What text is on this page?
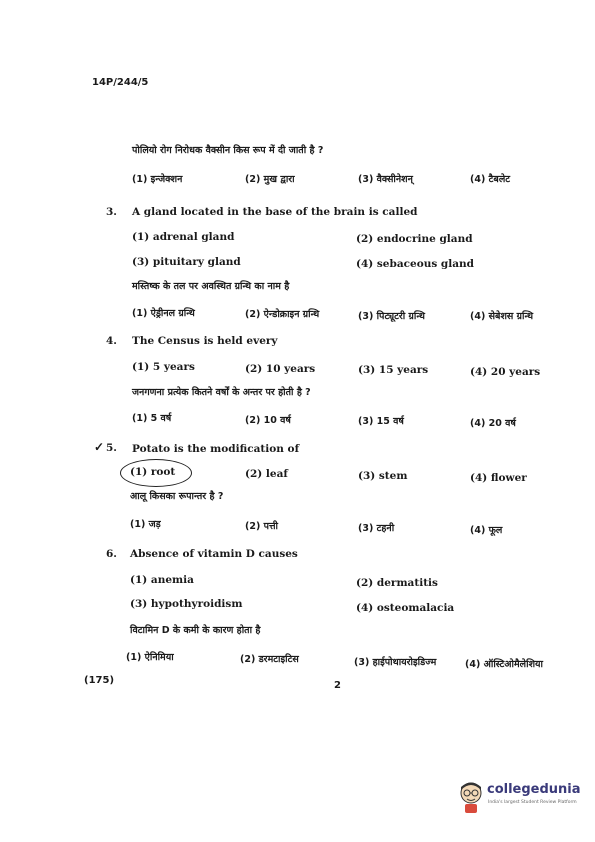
14P/244/5
पोलियो रोग निरोधक वैक्सीन किस रूप में दी जाती है ?
(1) इन्जेक्शन	(2) मुख द्वारा	(3) वैक्सीनेशन्	(4) टैबलेट
3. A gland located in the base of the brain is called
(1) adrenal gland	(2) endocrine gland
(3) pituitary gland	(4) sebaceous gland
मस्तिष्क के तल पर अवस्थित ग्रन्थि का नाम है
(1) ऐड्रीनल ग्रन्थि	(2) ऐन्डोक्राइन ग्रन्थि	(3) पिट्यूटरी ग्रन्थि	(4) सेबेशस ग्रन्थि
4. The Census is held every
(1) 5 years	(2) 10 years	(3) 15 years	(4) 20 years
जनगणना प्रत्येक कितने वर्षों के अन्तर पर होती है ?
(1) 5 वर्ष	(2) 10 वर्ष	(3) 15 वर्ष	(4) 20 वर्ष
✓ 5. Potato is the modification of
(1) root	(2) leaf	(3) stem	(4) flower
आलू किसका रूपान्तर है ?
(1) जड़	(2) पत्ती	(3) टहनी	(4) फूल
6. Absence of vitamin D causes
(1) anemia	(2) dermatitis
(3) hypothyroidism	(4) osteomalacia
विटामिन D के कमी के कारण होता है
(1) ऐनिमिया	(2) डरमटाइटिस	(3) हाईपोथायरोइडिज्म	(4) ऑस्टिओमैलेशिया
(175)	2
collegedunia
India's largest Student Review Platform
